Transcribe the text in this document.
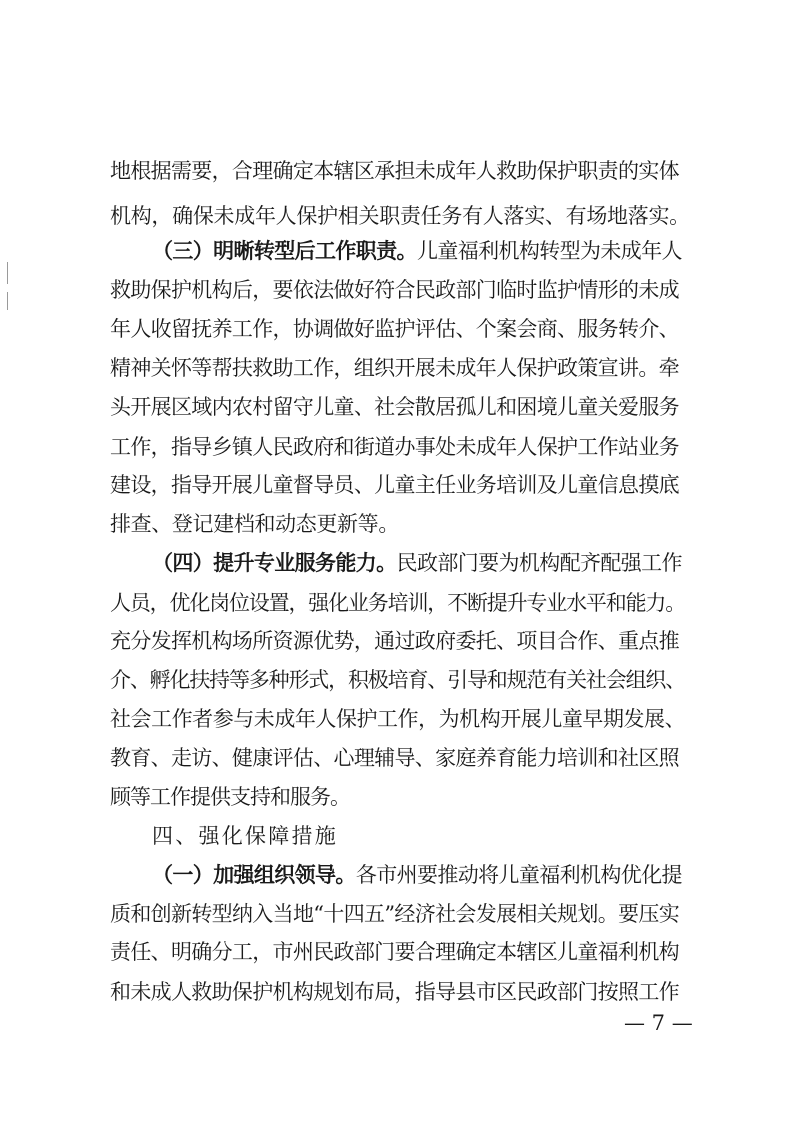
地根据需要，合理确定本辖区承担未成年人救助保护职责的实体
机构，确保未成年人保护相关职责任务有人落实、有场地落实。
（三）明晰转型后工作职责。儿童福利机构转型为未成年人
救助保护机构后，要依法做好符合民政部门临时监护情形的未成
年人收留抚养工作，协调做好监护评估、个案会商、服务转介、
精神关怀等帮扶救助工作，组织开展未成年人保护政策宣讲。牵
头开展区域内农村留守儿童、社会散居孤儿和困境儿童关爱服务
工作，指导乡镇人民政府和街道办事处未成年人保护工作站业务
建设，指导开展儿童督导员、儿童主任业务培训及儿童信息摸底
排查、登记建档和动态更新等。
（四）提升专业服务能力。民政部门要为机构配齐配强工作
人员，优化岗位设置，强化业务培训，不断提升专业水平和能力。
充分发挥机构场所资源优势，通过政府委托、项目合作、重点推
介、孵化扶持等多种形式，积极培育、引导和规范有关社会组织、
社会工作者参与未成年人保护工作，为机构开展儿童早期发展、
教育、走访、健康评估、心理辅导、家庭养育能力培训和社区照
顾等工作提供支持和服务。
四、强化保障措施
（一）加强组织领导。各市州要推动将儿童福利机构优化提
质和创新转型纳入当地“十四五”经济社会发展相关规划。要压实
责任、明确分工，市州民政部门要合理确定本辖区儿童福利机构
和未成人救助保护机构规划布局，指导县市区民政部门按照工作
— 7 —
